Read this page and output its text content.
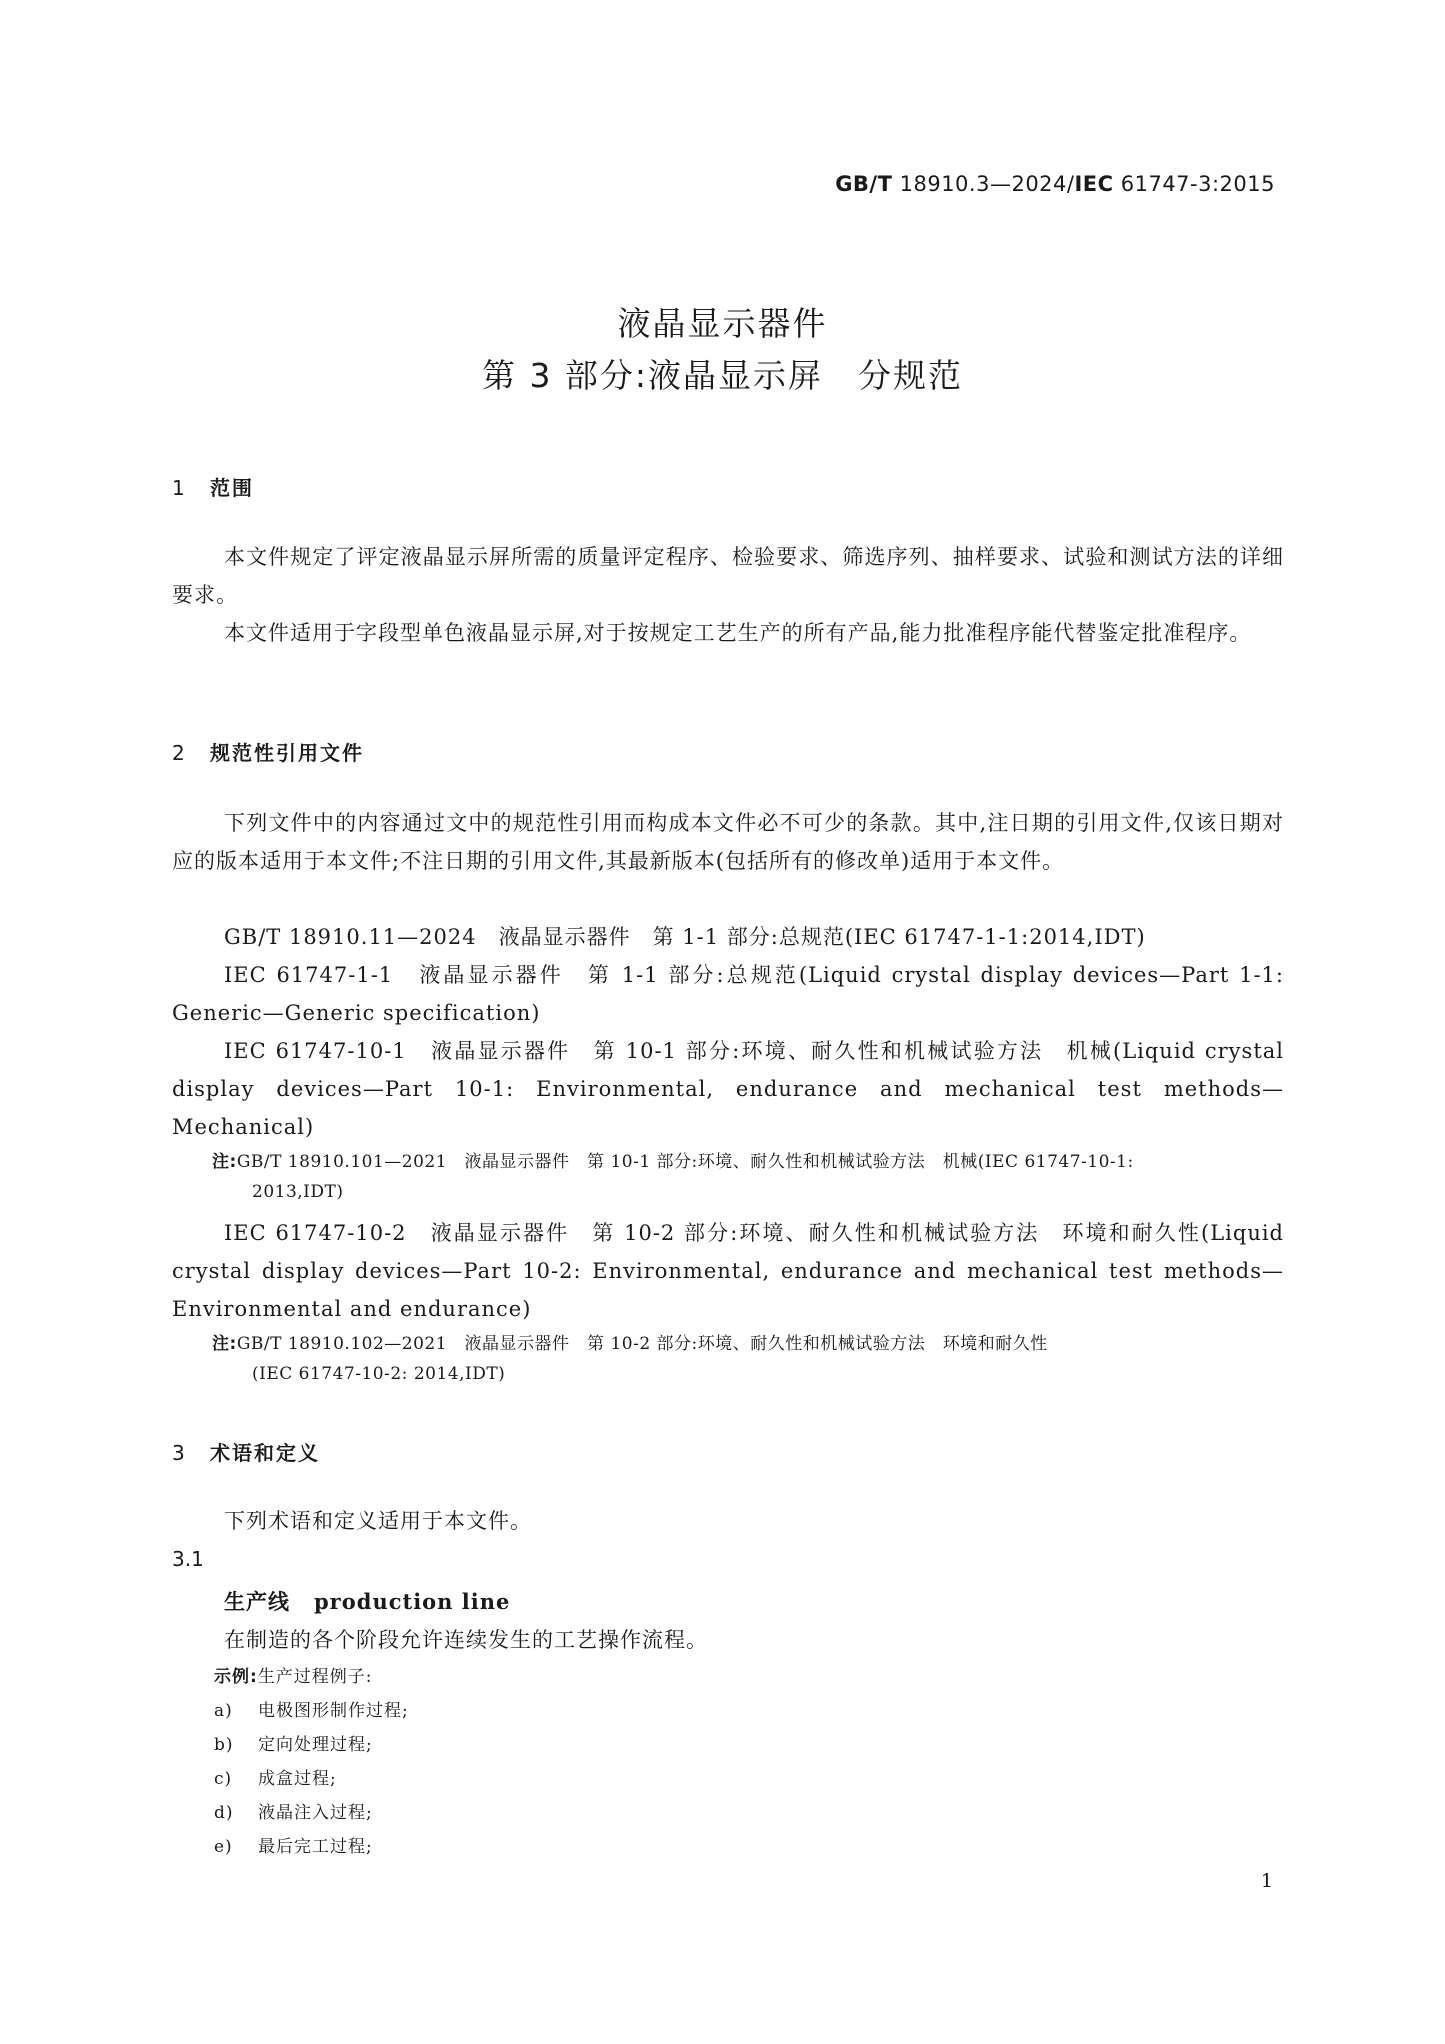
GB/T 18910.3—2024/IEC 61747-3:2015
液晶显示器件
第 3 部分:液晶显示屏　分规范
1 范围
本文件规定了评定液晶显示屏所需的质量评定程序、检验要求、筛选序列、抽样要求、试验和测试方法的详细要求。
本文件适用于字段型单色液晶显示屏,对于按规定工艺生产的所有产品,能力批准程序能代替鉴定批准程序。
2 规范性引用文件
下列文件中的内容通过文中的规范性引用而构成本文件必不可少的条款。其中,注日期的引用文件,仅该日期对应的版本适用于本文件;不注日期的引用文件,其最新版本(包括所有的修改单)适用于本文件。
GB/T 18910.11—2024　液晶显示器件　第 1-1 部分:总规范(IEC 61747-1-1:2014,IDT)
IEC 61747-1-1　液晶显示器件　第 1-1 部分:总规范(Liquid crystal display devices—Part 1-1: Generic—Generic specification)
IEC 61747-10-1　液晶显示器件　第 10-1 部分:环境、耐久性和机械试验方法　机械(Liquid crystal display devices—Part 10-1: Environmental, endurance and mechanical test methods—Mechanical)
注:GB/T 18910.101—2021　液晶显示器件　第 10-1 部分:环境、耐久性和机械试验方法　机械(IEC 61747-10-1:
2013,IDT)
IEC 61747-10-2　液晶显示器件　第 10-2 部分:环境、耐久性和机械试验方法　环境和耐久性(Liquid crystal display devices—Part 10-2: Environmental, endurance and mechanical test methods—Environmental and endurance)
注:GB/T 18910.102—2021　液晶显示器件　第 10-2 部分:环境、耐久性和机械试验方法　环境和耐久性
(IEC 61747-10-2: 2014,IDT)
3 术语和定义
下列术语和定义适用于本文件。
3.1
生产线 production line
在制造的各个阶段允许连续发生的工艺操作流程。
示例:生产过程例子:
a) 电极图形制作过程;
b) 定向处理过程;
c) 成盒过程;
d) 液晶注入过程;
e) 最后完工过程;
1
